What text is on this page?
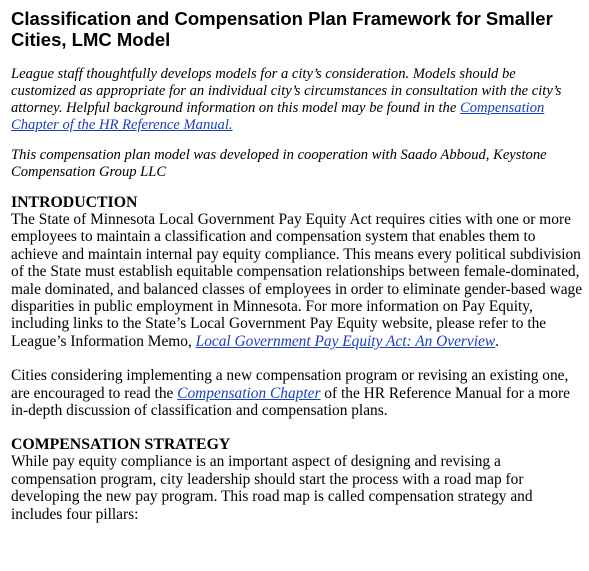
Classification and Compensation Plan Framework for Smaller Cities, LMC Model

League staff thoughtfully develops models for a city’s consideration. Models should be customized as appropriate for an individual city’s circumstances in consultation with the city’s attorney. Helpful background information on this model may be found in the Compensation Chapter of the HR Reference Manual.

This compensation plan model was developed in cooperation with Saado Abboud, Keystone Compensation Group LLC

INTRODUCTION

The State of Minnesota Local Government Pay Equity Act requires cities with one or more employees to maintain a classification and compensation system that enables them to achieve and maintain internal pay equity compliance. This means every political subdivision of the State must establish equitable compensation relationships between female-dominated, male dominated, and balanced classes of employees in order to eliminate gender-based wage disparities in public employment in Minnesota. For more information on Pay Equity, including links to the State’s Local Government Pay Equity website, please refer to the League’s Information Memo, Local Government Pay Equity Act: An Overview.

Cities considering implementing a new compensation program or revising an existing one, are encouraged to read the Compensation Chapter of the HR Reference Manual for a more in-depth discussion of classification and compensation plans.

COMPENSATION STRATEGY

While pay equity compliance is an important aspect of designing and revising a compensation program, city leadership should start the process with a road map for developing the new pay program. This road map is called compensation strategy and includes four pillars:
